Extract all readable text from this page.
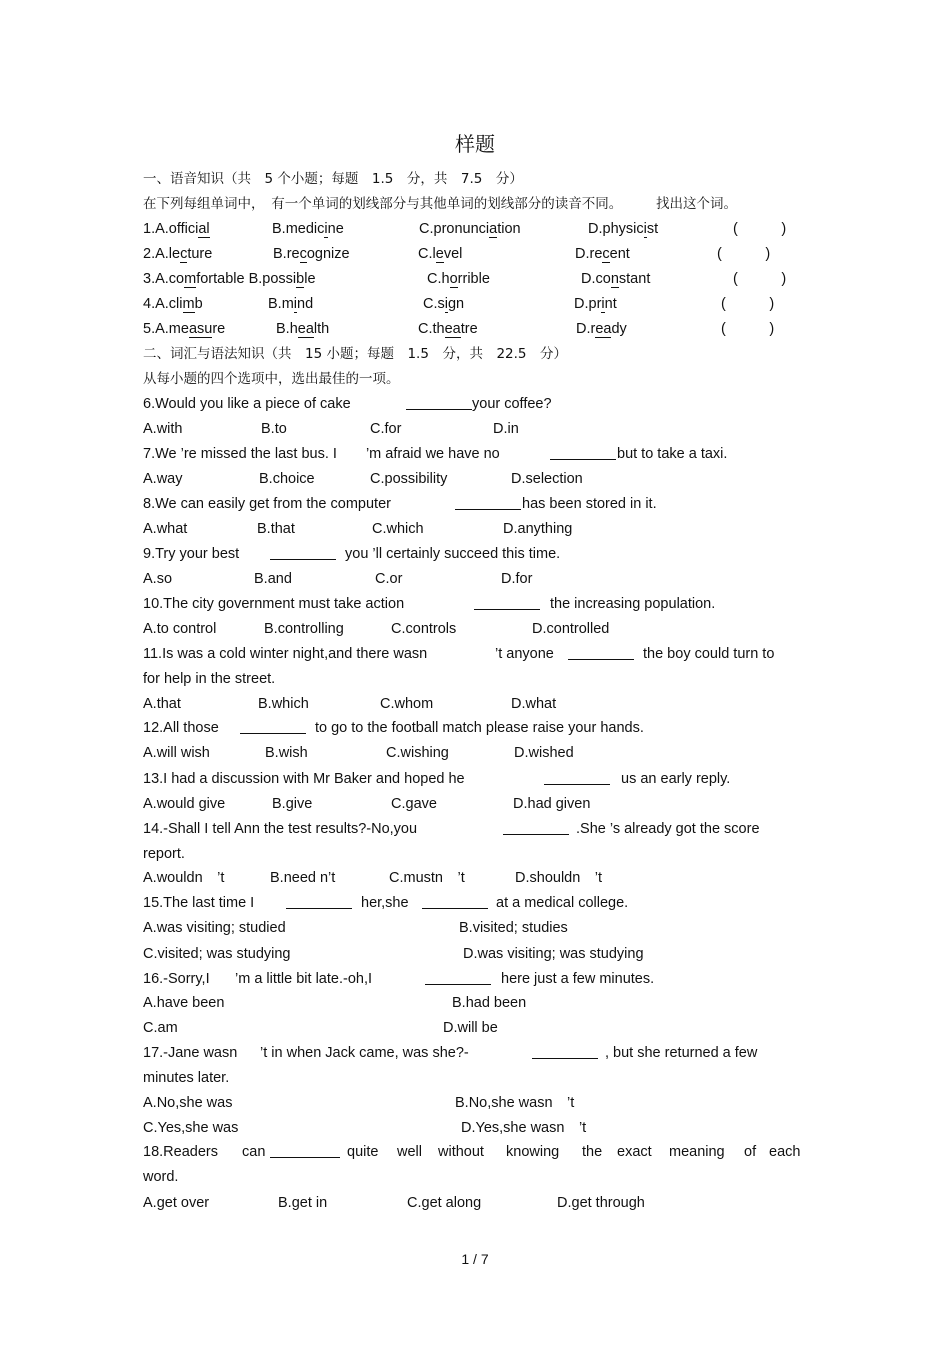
样题
一、语音知识（共　5 个小题；每题　1.5　分，共　7.5　分）
在下列每组单词中，　有一个单词的划线部分与其他单词的划线部分的读音不同。　　　找出这个词。
1.A.official	B.medicine	C.pronunciation	D.physicist	(　　　)
2.A.lecture	B.recognize	C.level	D.recent	(　　　)
3.A.comfortable B.possible	C.horrible	D.constant	(　　　)
4.A.climb	B.mind	C.sign	D.print	(　　　)
5.A.measure	B.health	C.theatre	D.ready	(　　　)
二、词汇与语法知识（共　15 小题；每题　1.5　分，共　22.5　分）
从每小题的四个选项中，选出最佳的一项。
6.Would you like a piece of cake	your coffee?
A.with	B.to	C.for	D.in
7.We ’re missed the last bus. I　　’m afraid we have no	but to take a taxi.
A.way	B.choice	C.possibility	D.selection
8.We can easily get from the computer	has been stored in it.
A.what	B.that	C.which	D.anything
9.Try your best	you ’ll certainly succeed this time.
A.so	B.and	C.or	D.for
10.The city government must take action	the increasing population.
A.to control	B.controlling	C.controls	D.controlled
11.Is was a cold winter night,and there wasn	’t anyone	the boy could turn to
for help in the street.
A.that	B.which	C.whom	D.what
12.All those	to go to the football match please raise your hands.
A.will wish	B.wish	C.wishing	D.wished
13.I had a discussion with Mr Baker and hoped he	us an early reply.
A.would give	B.give	C.gave	D.had given
14.-Shall I tell Ann the test results?-No,you	.She ’s already got the score
report.
A.wouldn　’t	B.need n’t	C.mustn　’t	D.shouldn　’t
15.The last time I	her,she	at a medical college.
A.was visiting; studied	B.visited; studies
C.visited; was studying	D.was visiting; was studying
16.-Sorry,I ’m a little bit late.-oh,I	here just a few minutes.
A.have been	B.had been
C.am	D.will be
17.-Jane wasn ’t in when Jack came, was she?-	, but she returned a few
minutes later.
A.No,she was	B.No,she wasn　’t
C.Yes,she was	D.Yes,she wasn　’t
18.Readers can	quite well without knowing the exact meaning of each
word.
A.get over	B.get in	C.get along	D.get through
1 / 7
